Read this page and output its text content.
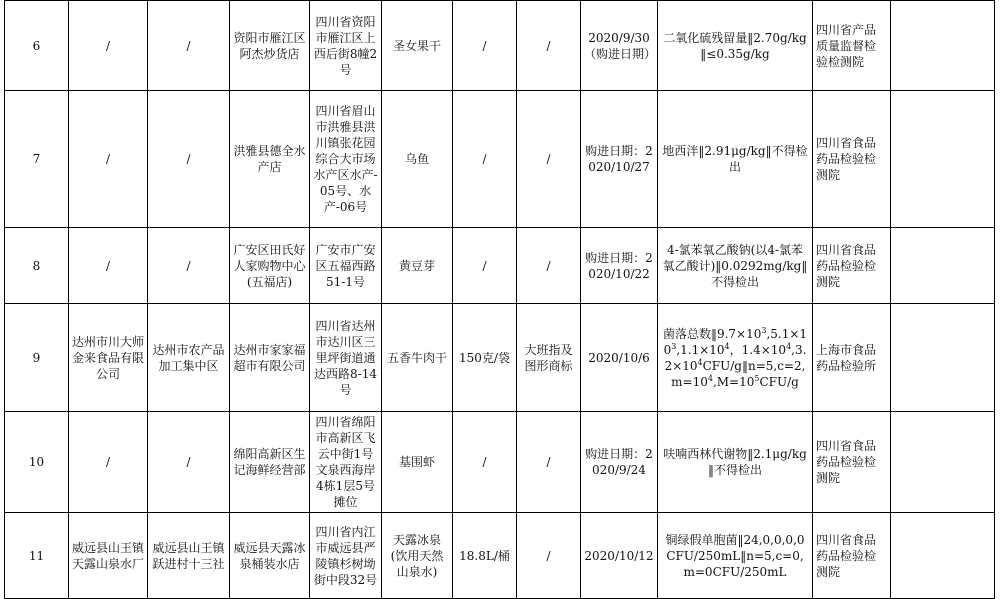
6	/	/	资阳市雁江区阿杰炒货店	四川省资阳市雁江区上西后街8幢2号	圣女果干	/	/	2020/9/30（购进日期）	二氧化硫残留量‖2.70g/kg‖≤0.35g/kg	四川省产品质量监督检验检测院	
7	/	/	洪雅县德全水产店	四川省眉山市洪雅县洪川镇张花园综合大市场水产区水产-05号、水产-06号	乌鱼	/	/	购进日期：2020/10/27	地西泮‖2.91μg/kg‖不得检出	四川省食品药品检验检测院	
8	/	/	广安区田氏好人家购物中心(五福店)	广安市广安区五福西路51-1号	黄豆芽	/	/	购进日期：2020/10/22	4-氯苯氧乙酸钠(以4-氯苯氧乙酸计)‖0.0292mg/kg‖不得检出	四川省食品药品检验检测院	
9	达州市川大师金来食品有限公司	达州市农产品加工集中区	达州市家家福超市有限公司	四川省达州市达川区三里坪街道通达西路8-14号	五香牛肉干	150克/袋	大班指及图形商标	2020/10/6	菌落总数$‖9.7\times 10^3,5.1\times 10^3,1.1\times 10^4$，$1.4\times 10^4,3.2\times 10^4CFU/g‖n=5,c=2,m=10^4,M=10^5CFU/g$	上海市食品药品检验所	
10	/	/	绵阳高新区生记海鲜经营部	四川省绵阳市高新区飞云中街1号文泉西海岸4栋1层5号摊位	基围虾	/	/	购进日期：2020/9/24	呋喃西林代谢物‖2.1μg/kg‖不得检出	四川省食品药品检验检测院	
11	威远县山王镇天露山泉水厂	威远县山王镇跃进村十三社	威远县天露冰泉桶装水店	四川省内江市威远县严陵镇杉树坳街中段32号	天露冰泉(饮用天然山泉水)	18.8L/桶	/	2020/10/12	铜绿假单胞菌‖24,0,0,0,0CFU/250mL‖n=5,c=0,m=0CFU/250mL	四川省食品药品检验检测院	
